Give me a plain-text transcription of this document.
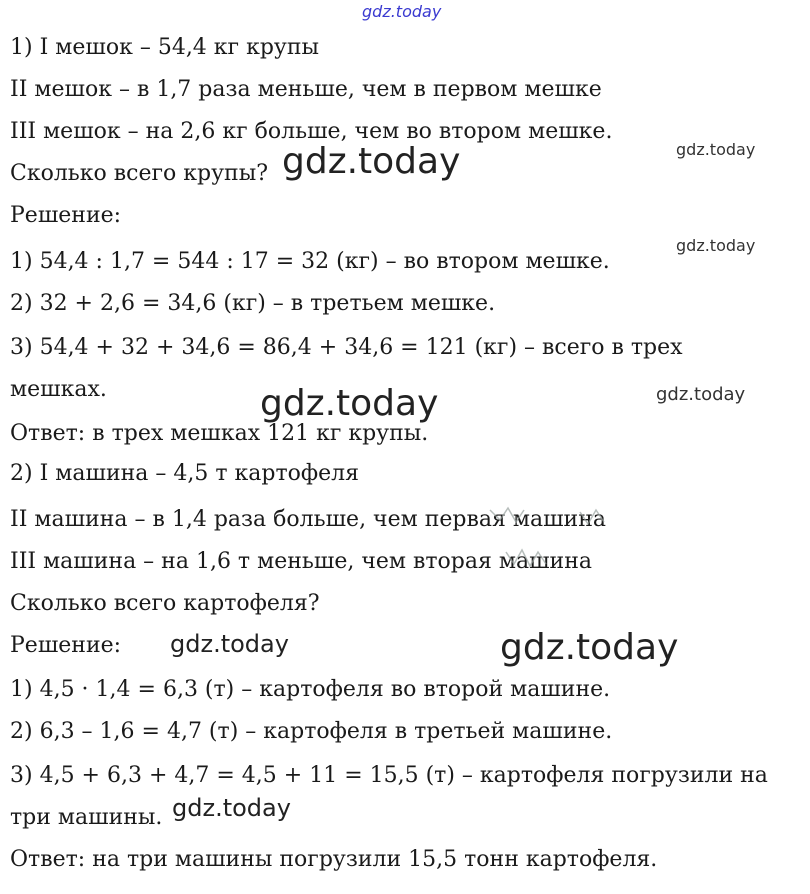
gdz.today
1) I мешок – 54,4 кг крупы
II мешок – в 1,7 раза меньше, чем в первом мешке
III мешок – на 2,6 кг больше, чем во втором мешке.
Сколько всего крупы?
Решение:
1) 54,4 : 1,7 = 544 : 17 = 32 (кг) – во втором мешке.
2) 32 + 2,6 = 34,6 (кг) – в третьем мешке.
3) 54,4 + 32 + 34,6 = 86,4 + 34,6 = 121 (кг) – всего в трех
мешках.
Ответ: в трех мешках 121 кг крупы.
2) I машина – 4,5 т картофеля
II машина – в 1,4 раза больше, чем первая машина
III машина – на 1,6 т меньше, чем вторая машина
Сколько всего картофеля?
Решение:
1) 4,5 · 1,4 = 6,3 (т) – картофеля во второй машине.
2) 6,3 – 1,6 = 4,7 (т) – картофеля в третьей машине.
3) 4,5 + 6,3 + 4,7 = 4,5 + 11 = 15,5 (т) – картофеля погрузили на
три машины.
Ответ: на три машины погрузили 15,5 тонн картофеля.
gdz.today	gdz.today
gdz.today
gdz.today	gdz.today
gdz.today	gdz.today
gdz.today
